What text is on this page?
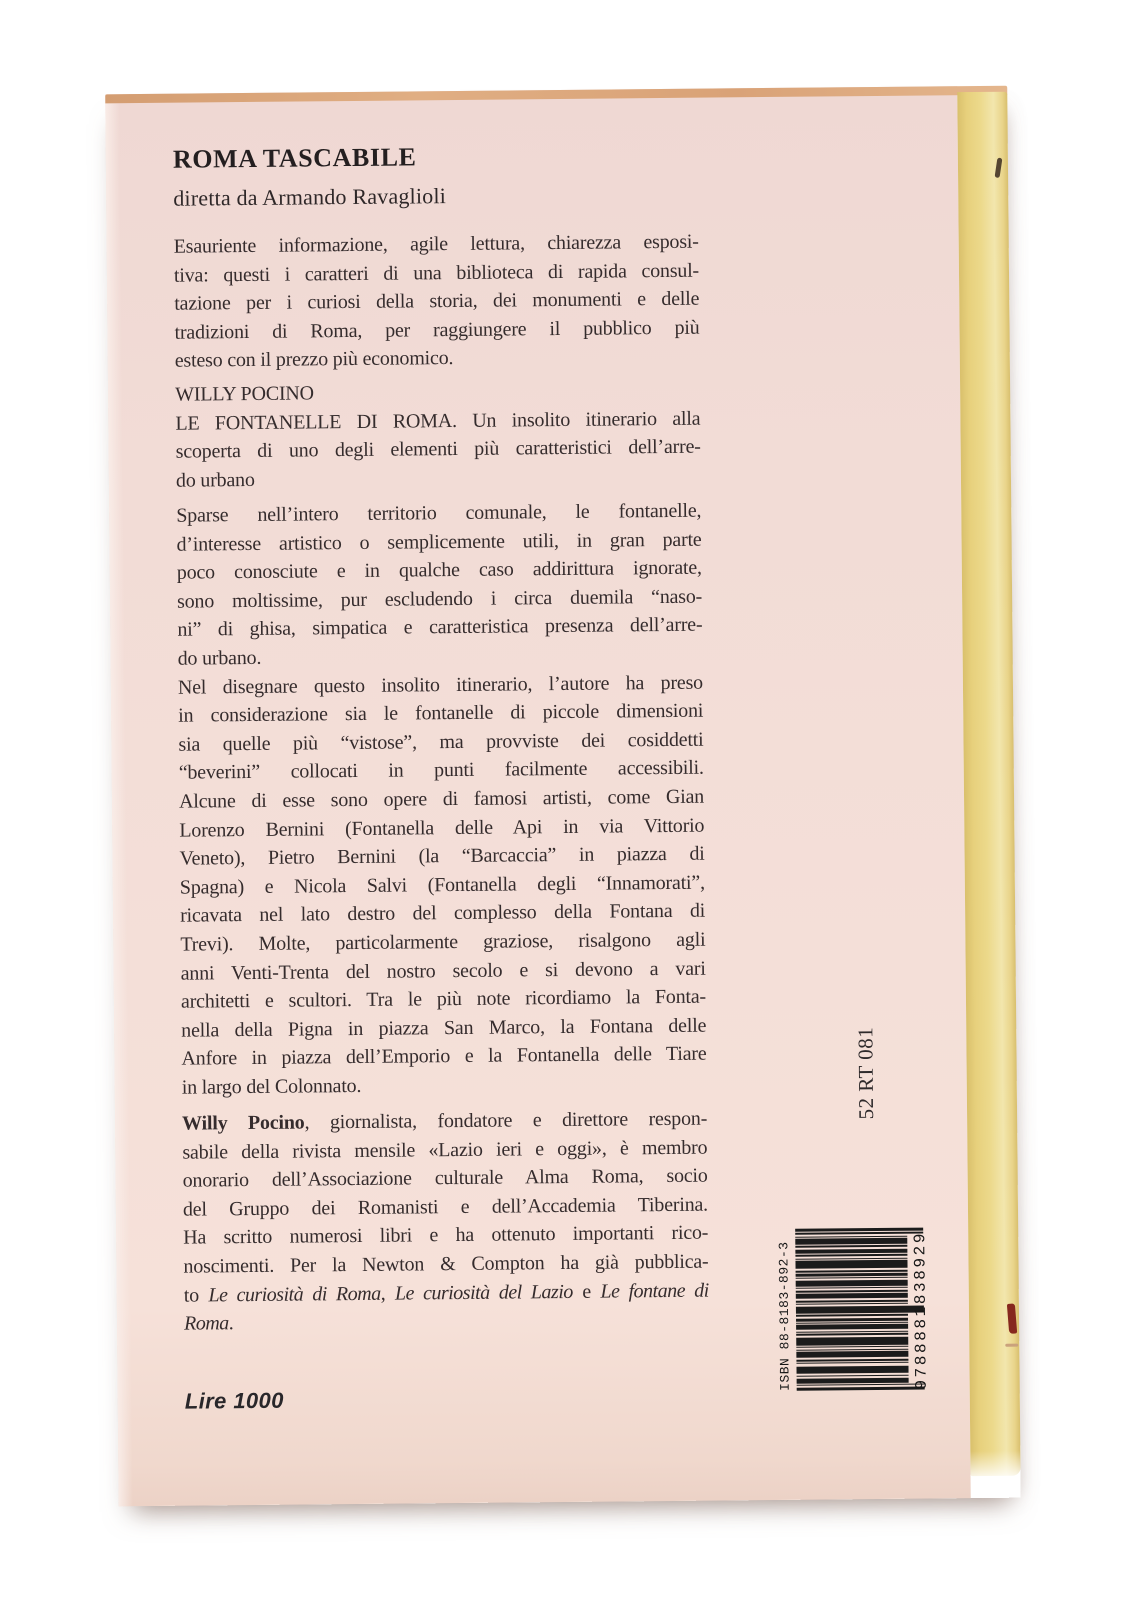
ROMA TASCABILE
diretta da Armando Ravaglioli
Esauriente informazione, agile lettura, chiarezza esposi-
tiva: questi i caratteri di una biblioteca di rapida consul-
tazione per i curiosi della storia, dei monumenti e delle
tradizioni di Roma, per raggiungere il pubblico più
esteso con il prezzo più economico.
WILLY POCINO
LE FONTANELLE DI ROMA. Un insolito itinerario alla
scoperta di uno degli elementi più caratteristici dell’arre-
do urbano
Sparse nell’intero territorio comunale, le fontanelle,
d’interesse artistico o semplicemente utili, in gran parte
poco conosciute e in qualche caso addirittura ignorate,
sono moltissime, pur escludendo i circa duemila “naso-
ni” di ghisa, simpatica e caratteristica presenza dell’arre-
do urbano.
Nel disegnare questo insolito itinerario, l’autore ha preso
in considerazione sia le fontanelle di piccole dimensioni
sia quelle più “vistose”, ma provviste dei cosiddetti
“beverini” collocati in punti facilmente accessibili.
Alcune di esse sono opere di famosi artisti, come Gian
Lorenzo Bernini (Fontanella delle Api in via Vittorio
Veneto), Pietro Bernini (la “Barcaccia” in piazza di
Spagna) e Nicola Salvi (Fontanella degli “Innamorati”,
ricavata nel lato destro del complesso della Fontana di
Trevi). Molte, particolarmente graziose, risalgono agli
anni Venti-Trenta del nostro secolo e si devono a vari
architetti e scultori. Tra le più note ricordiamo la Fonta-
nella della Pigna in piazza San Marco, la Fontana delle
Anfore in piazza dell’Emporio e la Fontanella delle Tiare
in largo del Colonnato.
Willy Pocino, giornalista, fondatore e direttore respon-
sabile della rivista mensile «Lazio ieri e oggi», è membro
onorario dell’Associazione culturale Alma Roma, socio
del Gruppo dei Romanisti e dell’Accademia Tiberina.
Ha scritto numerosi libri e ha ottenuto importanti rico-
noscimenti. Per la Newton & Compton ha già pubblica-
to Le curiosità di Roma, Le curiosità del Lazio e Le fontane di
Roma.
Lire 1000
52 RT 081
ISBN 88-8183-892-3	9788881838929
